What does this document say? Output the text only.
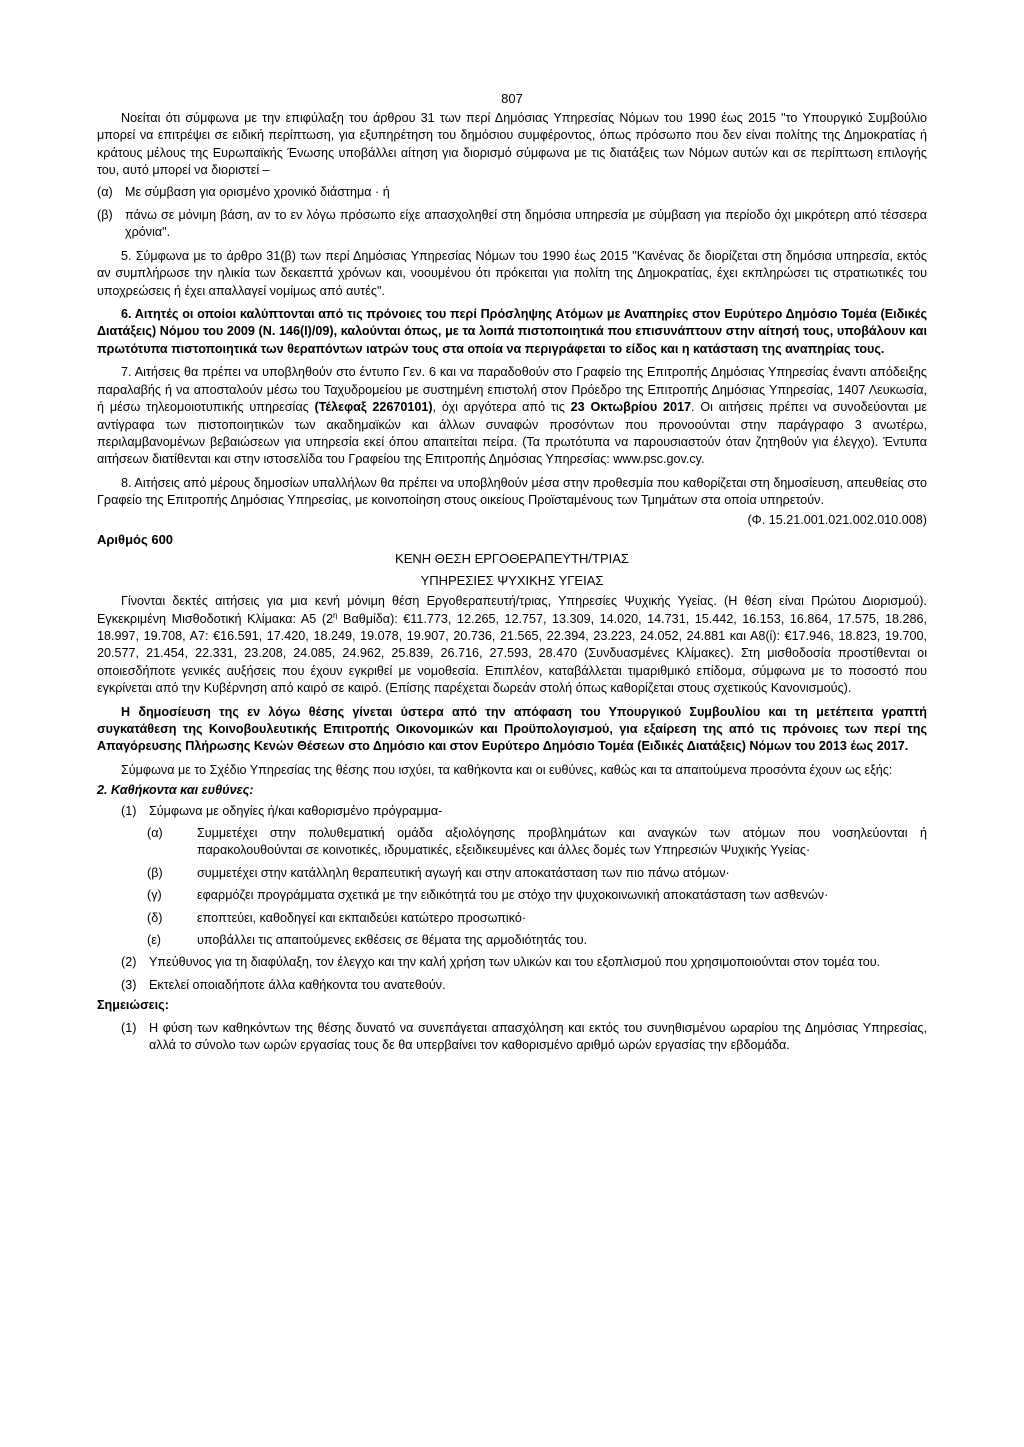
807

Νοείται ότι σύμφωνα με την επιφύλαξη του άρθρου 31 των περί Δημόσιας Υπηρεσίας Νόμων του 1990 έως 2015 "το Υπουργικό Συμβούλιο μπορεί να επιτρέψει σε ειδική περίπτωση, για εξυπηρέτηση του δημόσιου συμφέροντος, όπως πρόσωπο που δεν είναι πολίτης της Δημοκρατίας ή κράτους μέλους της Ευρωπαϊκής Ένωσης υποβάλλει αίτηση για διορισμό σύμφωνα με τις διατάξεις των Νόμων αυτών και σε περίπτωση επιλογής του, αυτό μπορεί να διοριστεί –

(α) Με σύμβαση για ορισμένο χρονικό διάστημα · ή
(β) πάνω σε μόνιμη βάση, αν το εν λόγω πρόσωπο είχε απασχοληθεί στη δημόσια υπηρεσία με σύμβαση για περίοδο όχι μικρότερη από τέσσερα χρόνια".

5. Σύμφωνα με το άρθρο 31(β) των περί Δημόσιας Υπηρεσίας Νόμων του 1990 έως 2015 "Κανένας δε διορίζεται στη δημόσια υπηρεσία, εκτός αν συμπλήρωσε την ηλικία των δεκαεπτά χρόνων και, νοουμένου ότι πρόκειται για πολίτη της Δημοκρατίας, έχει εκπληρώσει τις στρατιωτικές του υποχρεώσεις ή έχει απαλλαγεί νομίμως από αυτές".

6. Αιτητές οι οποίοι καλύπτονται από τις πρόνοιες του περί Πρόσληψης Ατόμων με Αναπηρίες στον Ευρύτερο Δημόσιο Τομέα (Ειδικές Διατάξεις) Νόμου του 2009 (Ν. 146(Ι)/09), καλούνται όπως, με τα λοιπά πιστοποιητικά που επισυνάπτουν στην αίτησή τους, υποβάλουν και πρωτότυπα πιστοποιητικά των θεραπόντων ιατρών τους στα οποία να περιγράφεται το είδος και η κατάσταση της αναπηρίας τους.

7. Αιτήσεις θα πρέπει να υποβληθούν στο έντυπο Γεν. 6 και να παραδοθούν στο Γραφείο της Επιτροπής Δημόσιας Υπηρεσίας έναντι απόδειξης παραλαβής ή να αποσταλούν μέσω του Ταχυδρομείου με συστημένη επιστολή στον Πρόεδρο της Επιτροπής Δημόσιας Υπηρεσίας, 1407 Λευκωσία, ή μέσω τηλεομοιοτυπικής υπηρεσίας (Τέλεφαξ 22670101), όχι αργότερα από τις 23 Οκτωβρίου 2017. Οι αιτήσεις πρέπει να συνοδεύονται με αντίγραφα των πιστοποιητικών των ακαδημαϊκών και άλλων συναφών προσόντων που προνοούνται στην παράγραφο 3 ανωτέρω, περιλαμβανομένων βεβαιώσεων για υπηρεσία εκεί όπου απαιτείται πείρα. (Τα πρωτότυπα να παρουσιαστούν όταν ζητηθούν για έλεγχο). Έντυπα αιτήσεων διατίθενται και στην ιστοσελίδα του Γραφείου της Επιτροπής Δημόσιας Υπηρεσίας: www.psc.gov.cy.

8. Αιτήσεις από μέρους δημοσίων υπαλλήλων θα πρέπει να υποβληθούν μέσα στην προθεσμία που καθορίζεται στη δημοσίευση, απευθείας στο Γραφείο της Επιτροπής Δημόσιας Υπηρεσίας, με κοινοποίηση στους οικείους Προϊσταμένους των Τμημάτων στα οποία υπηρετούν.

(Φ. 15.21.001.021.002.010.008)
Αριθμός 600
ΚΕΝΗ ΘΕΣΗ ΕΡΓΟΘΕΡΑΠΕΥΤΗ/ΤΡΙΑΣ
ΥΠΗΡΕΣΙΕΣ ΨΥΧΙΚΗΣ ΥΓΕΙΑΣ

Γίνονται δεκτές αιτήσεις για μια κενή μόνιμη θέση Εργοθεραπευτή/τριας, Υπηρεσίες Ψυχικής Υγείας. (Η θέση είναι Πρώτου Διορισμού). Εγκεκριμένη Μισθοδοτική Κλίμακα: Α5 ($2^\eta$ Βαθμίδα): €11.773, 12.265, 12.757, 13.309, 14.020, 14.731, 15.442, 16.153, 16.864, 17.575, 18.286, 18.997, 19.708, Α7: €16.591, 17.420, 18.249, 19.078, 19.907, 20.736, 21.565, 22.394, 23.223, 24.052, 24.881 και Α8(ί): €17.946, 18.823, 19.700, 20.577, 21.454, 22.331, 23.208, 24.085, 24.962, 25.839, 26.716, 27.593, 28.470 (Συνδυασμένες Κλίμακες). Στη μισθοδοσία προστίθενται οι οποιεσδήποτε γενικές αυξήσεις που έχουν εγκριθεί με νομοθεσία. Επιπλέον, καταβάλλεται τιμαριθμικό επίδομα, σύμφωνα με το ποσοστό που εγκρίνεται από την Κυβέρνηση από καιρό σε καιρό. (Επίσης παρέχεται δωρεάν στολή όπως καθορίζεται στους σχετικούς Κανονισμούς).

Η δημοσίευση της εν λόγω θέσης γίνεται ύστερα από την απόφαση του Υπουργικού Συμβουλίου και τη μετέπειτα γραπτή συγκατάθεση της Κοινοβουλευτικής Επιτροπής Οικονομικών και Προϋπολογισμού, για εξαίρεση της από τις πρόνοιες των περί της Απαγόρευσης Πλήρωσης Κενών Θέσεων στο Δημόσιο και στον Ευρύτερο Δημόσιο Τομέα (Ειδικές Διατάξεις) Νόμων του 2013 έως 2017.

Σύμφωνα με το Σχέδιο Υπηρεσίας της θέσης που ισχύει, τα καθήκοντα και οι ευθύνες, καθώς και τα απαιτούμενα προσόντα έχουν ως εξής:

2. Καθήκοντα και ευθύνες:
(1) Σύμφωνα με οδηγίες ή/και καθορισμένο πρόγραμμα-
(α)	Συμμετέχει στην πολυθεματική ομάδα αξιολόγησης προβλημάτων και αναγκών των ατόμων που νοσηλεύονται ή παρακολουθούνται σε κοινοτικές, ιδρυματικές, εξειδικευμένες και άλλες δομές των Υπηρεσιών Ψυχικής Υγείας·
(β)	συμμετέχει στην κατάλληλη θεραπευτική αγωγή και στην αποκατάσταση των πιο πάνω ατόμων·
(γ)	εφαρμόζει προγράμματα σχετικά με την ειδικότητά του με στόχο την ψυχοκοινωνική αποκατάσταση των ασθενών·
(δ)	εποπτεύει, καθοδηγεί και εκπαιδεύει κατώτερο προσωπικό·
(ε)	υποβάλλει τις απαιτούμενες εκθέσεις σε θέματα της αρμοδιότητάς του.
(2) Υπεύθυνος για τη διαφύλαξη, τον έλεγχο και την καλή χρήση των υλικών και του εξοπλισμού που χρησιμοποιούνται στον τομέα του.
(3) Εκτελεί οποιαδήποτε άλλα καθήκοντα του ανατεθούν.
Σημειώσεις:
(1) Η φύση των καθηκόντων της θέσης δυνατό να συνεπάγεται απασχόληση και εκτός του συνηθισμένου ωραρίου της Δημόσιας Υπηρεσίας, αλλά το σύνολο των ωρών εργασίας τους δε θα υπερβαίνει τον καθορισμένο αριθμό ωρών εργασίας την εβδομάδα.
